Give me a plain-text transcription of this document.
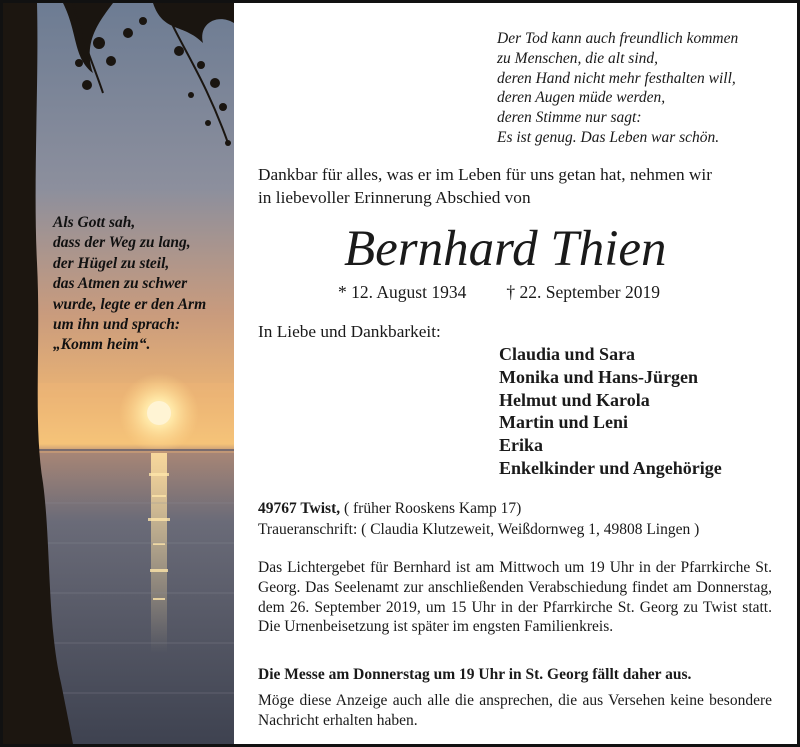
Als Gott sah,
dass der Weg zu lang,
der Hügel zu steil,
das Atmen zu schwer
wurde, legte er den Arm
um ihn und sprach:
„Komm heim“.
Der Tod kann auch freundlich kommen
zu Menschen, die alt sind,
deren Hand nicht mehr festhalten will,
deren Augen müde werden,
deren Stimme nur sagt:
Es ist genug. Das Leben war schön.
Dankbar für alles, was er im Leben für uns getan hat, nehmen wir
in liebevoller Erinnerung Abschied von
Bernhard Thien
* 12. August 1934 † 22. September 2019
In Liebe und Dankbarkeit:
Claudia und Sara
Monika und Hans-Jürgen
Helmut und Karola
Martin und Leni
Erika
Enkelkinder und Angehörige
49767 Twist, ( früher Rooskens Kamp 17)
Traueranschrift: ( Claudia Klutzeweit, Weißdornweg 1, 49808 Lingen )
Das Lichtergebet für Bernhard ist am Mittwoch um 19 Uhr in der Pfarrkirche St. Georg. Das Seelenamt zur anschließenden Verabschiedung findet am Donnerstag, dem 26. September 2019, um 15 Uhr in der Pfarrkirche St. Georg zu Twist statt. Die Urnenbeisetzung ist später im engsten Familienkreis.
Die Messe am Donnerstag um 19 Uhr in St. Georg fällt daher aus.
Möge diese Anzeige auch alle die ansprechen, die aus Versehen keine besondere Nachricht erhalten haben.
